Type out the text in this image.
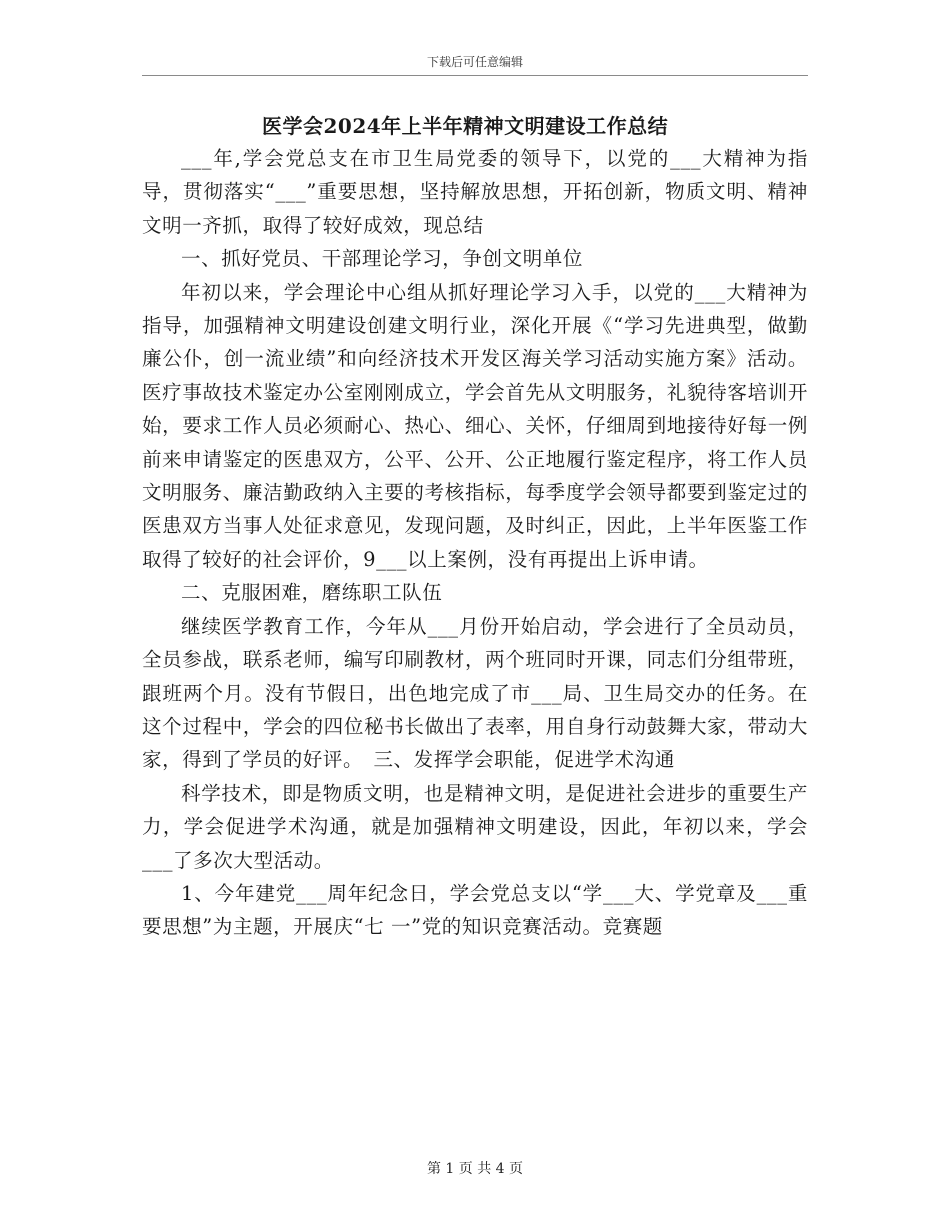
下载后可任意编辑
医学会2024年上半年精神文明建设工作总结

___年,学会党总支在市卫生局党委的领导下，以党的___大精神为指导，贯彻落实“___”重要思想，坚持解放思想，开拓创新，物质文明、精神文明一齐抓，取得了较好成效，现总结

一、抓好党员、干部理论学习，争创文明单位

年初以来，学会理论中心组从抓好理论学习入手，以党的___大精神为指导，加强精神文明建设创建文明行业，深化开展《“学习先进典型，做勤廉公仆，创一流业绩”和向经济技术开发区海关学习活动实施方案》活动。医疗事故技术鉴定办公室刚刚成立，学会首先从文明服务，礼貌待客培训开始，要求工作人员必须耐心、热心、细心、关怀，仔细周到地接待好每一例前来申请鉴定的医患双方，公平、公开、公正地履行鉴定程序，将工作人员文明服务、廉洁勤政纳入主要的考核指标，每季度学会领导都要到鉴定过的医患双方当事人处征求意见，发现问题，及时纠正，因此，上半年医鉴工作取得了较好的社会评价，9___以上案例，没有再提出上诉申请。

二、克服困难，磨练职工队伍

继续医学教育工作，今年从___月份开始启动，学会进行了全员动员，全员参战，联系老师，编写印刷教材，两个班同时开课，同志们分组带班，跟班两个月。没有节假日，出色地完成了市___局、卫生局交办的任务。在这个过程中，学会的四位秘书长做出了表率，用自身行动鼓舞大家，带动大家，得到了学员的好评。　三、发挥学会职能，促进学术沟通

科学技术，即是物质文明，也是精神文明，是促进社会进步的重要生产力，学会促进学术沟通，就是加强精神文明建设，因此，年初以来，学会___了多次大型活动。

1、今年建党___周年纪念日，学会党总支以“学___大、学党章及___重要思想”为主题，开展庆“七 一”党的知识竞赛活动。竞赛题

第 1 页 共 4 页
